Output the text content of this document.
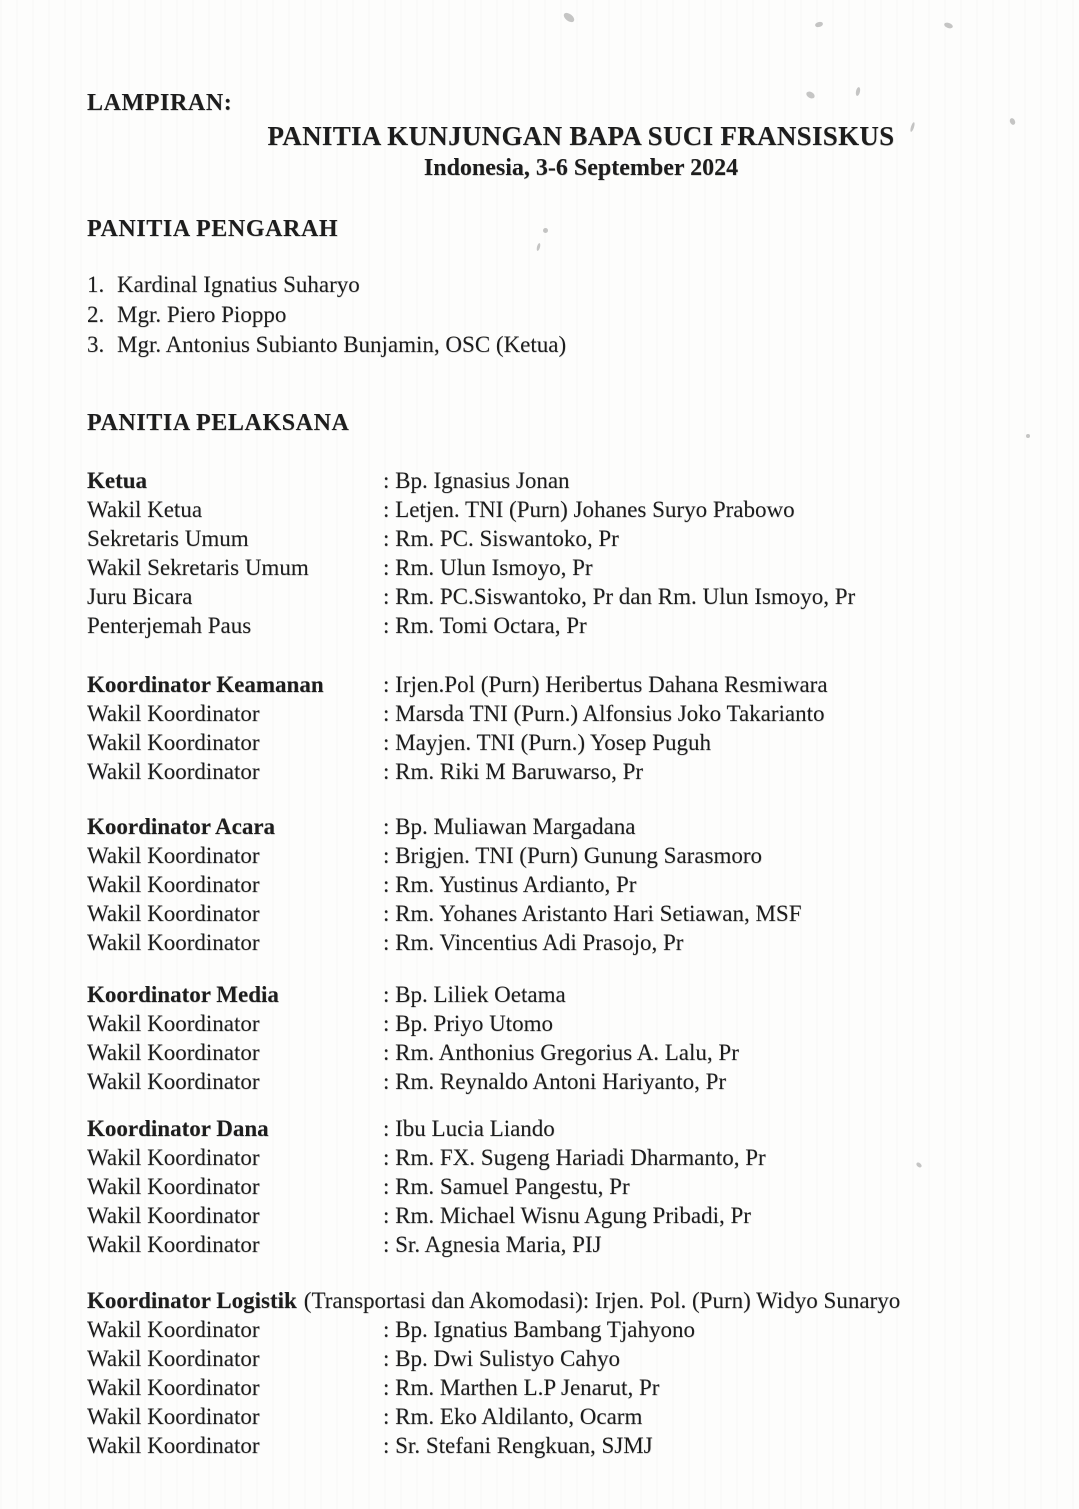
LAMPIRAN:
PANITIA KUNJUNGAN BAPA SUCI FRANSISKUS
Indonesia, 3-6 September 2024
PANITIA PENGARAH
1. Kardinal Ignatius Suharyo
2. Mgr. Piero Pioppo
3. Mgr. Antonius Subianto Bunjamin, OSC (Ketua)
PANITIA PELAKSANA
Ketua	: Bp. Ignasius Jonan
Wakil Ketua	: Letjen. TNI (Purn) Johanes Suryo Prabowo
Sekretaris Umum	: Rm. PC. Siswantoko, Pr
Wakil Sekretaris Umum	: Rm. Ulun Ismoyo, Pr
Juru Bicara	: Rm. PC.Siswantoko, Pr dan Rm. Ulun Ismoyo, Pr
Penterjemah Paus	: Rm. Tomi Octara, Pr
Koordinator Keamanan	: Irjen.Pol (Purn) Heribertus Dahana Resmiwara
Wakil Koordinator	: Marsda TNI (Purn.) Alfonsius Joko Takarianto
Wakil Koordinator	: Mayjen. TNI (Purn.) Yosep Puguh
Wakil Koordinator	: Rm. Riki M Baruwarso, Pr
Koordinator Acara	: Bp. Muliawan Margadana
Wakil Koordinator	: Brigjen. TNI (Purn) Gunung Sarasmoro
Wakil Koordinator	: Rm. Yustinus Ardianto, Pr
Wakil Koordinator	: Rm. Yohanes Aristanto Hari Setiawan, MSF
Wakil Koordinator	: Rm. Vincentius Adi Prasojo, Pr
Koordinator Media	: Bp. Liliek Oetama
Wakil Koordinator	: Bp. Priyo Utomo
Wakil Koordinator	: Rm. Anthonius Gregorius A. Lalu, Pr
Wakil Koordinator	: Rm. Reynaldo Antoni Hariyanto, Pr
Koordinator Dana	: Ibu Lucia Liando
Wakil Koordinator	: Rm. FX. Sugeng Hariadi Dharmanto, Pr
Wakil Koordinator	: Rm. Samuel Pangestu, Pr
Wakil Koordinator	: Rm. Michael Wisnu Agung Pribadi, Pr
Wakil Koordinator	: Sr. Agnesia Maria, PIJ
Koordinator Logistik (Transportasi dan Akomodasi): Irjen. Pol. (Purn) Widyo Sunaryo
Wakil Koordinator	: Bp. Ignatius Bambang Tjahyono
Wakil Koordinator	: Bp. Dwi Sulistyo Cahyo
Wakil Koordinator	: Rm. Marthen L.P Jenarut, Pr
Wakil Koordinator	: Rm. Eko Aldilanto, Ocarm
Wakil Koordinator	: Sr. Stefani Rengkuan, SJMJ
